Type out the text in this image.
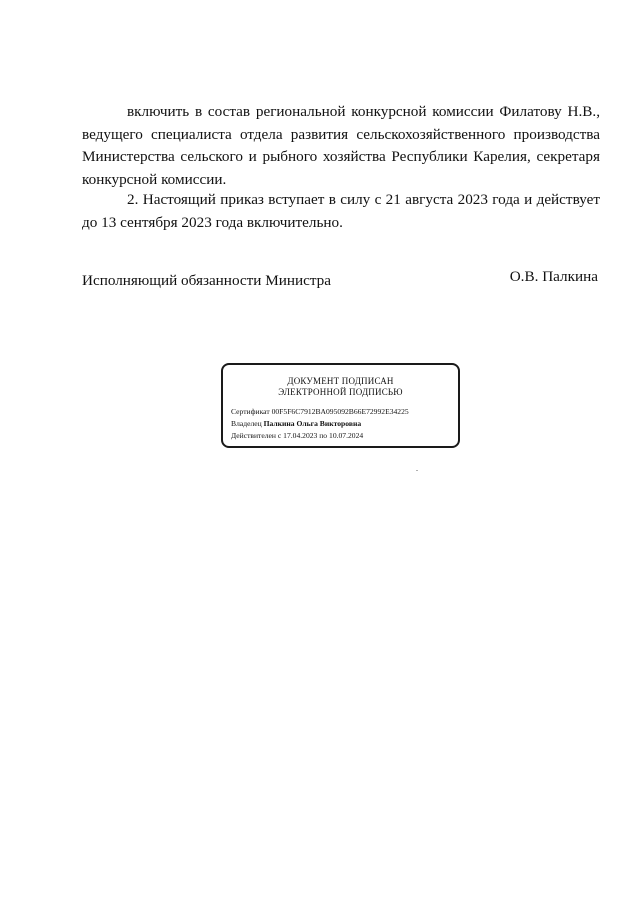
включить в состав региональной конкурсной комиссии Филатову Н.В., ведущего специалиста отдела развития сельскохозяйственного производства Министерства сельского и рыбного хозяйства Республики Карелия, секретаря конкурсной комиссии.

2. Настоящий приказ вступает в силу с 21 августа 2023 года и действует до 13 сентября 2023 года включительно.

Исполняющий обязанности Министра	О.В. Палкина
ДОКУМЕНТ ПОДПИСАН
ЭЛЕКТРОННОЙ ПОДПИСЬЮ
Сертификат 00F5F6C7912BA095092B66E72992E34225
Владелец Палкина Ольга Викторовна
Действителен с 17.04.2023 по 10.07.2024
